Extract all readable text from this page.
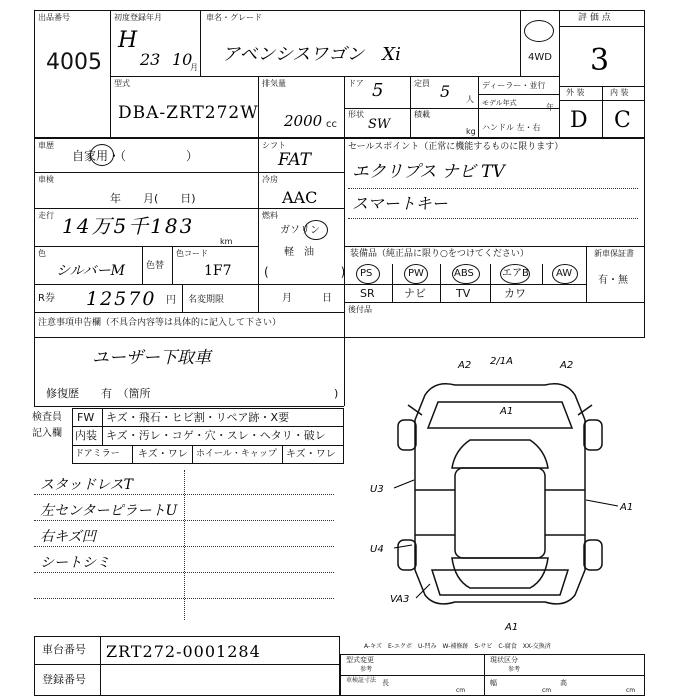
出品番号
4005
初度登録年月
H
23 10
月
車名・グレード
アベンシスワゴン　Xi	4WD
評 価 点
3
型式
DBA-ZRT272W
排気量
2000 cc
ドア 5	定員 5 人
ディーラー・並行
モデル年式	年
形状
SW
積載
kg ハンドル 左・右
外 装	内 装
D C
車歴
自家用・（　　　　　）
シフト
FAT
車検
年　　月(　　日)
冷房
AAC
走行 14万5千183
km
燃料
ガソリン
軽　油
色
シルバーM 色替
色コード
1F7	(　　　　　　)
R券 12570 円 名変期限	月　　　日
セールスポイント（正常に機能するものに限ります）
エクリプス ナビ TV
スマートキー
装備品（純正品に限り○をつけてください）
PS	PW	ABS	エアB	AW
SR	ナビ	TV	カワ
新車保証書
有・無
後付品
注意事項申告欄（不具合内容等は具体的に記入して下さい）
ユーザー下取車
修復歴　　有　（箇所	)
検査員
記入欄
FW キズ・飛石・ヒビ割・リペア跡・X要
内装 キズ・汚レ・コゲ・穴・スレ・ヘタリ・破レ
ドアミラー キズ・ワレ ホイール・キャップ キズ・ワレ
スタッドレスT
左センターピラートU
右キズ凹
シートシミ
A2 2/1A	A2
A1
U3
A1
U4
VA3
A1
A-キズ　E-エクボ　U-凹み　W-補修跡　S-サビ　C-腐食　XX-交換済
車台番号 ZRT272-0001284
登録番号
型式変更
参考
現状区分
参考
車検証寸法 長
cm
幅
cm
高
cm
